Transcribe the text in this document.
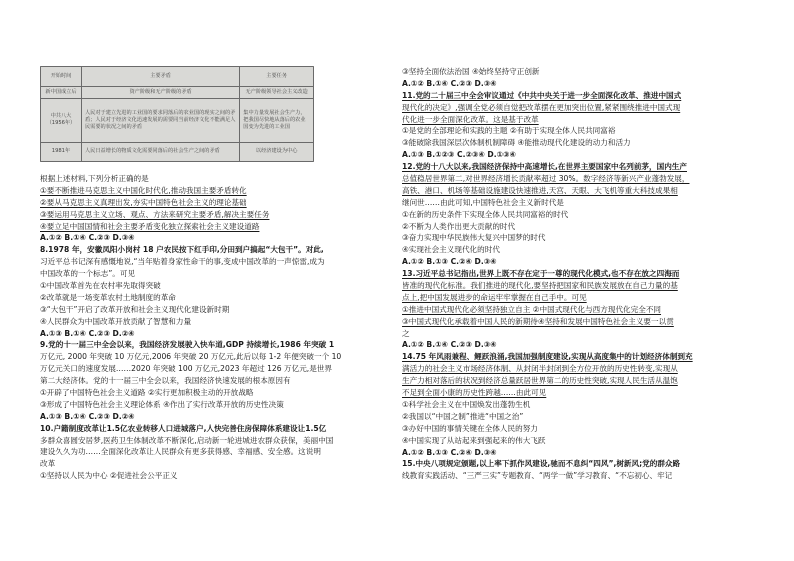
开始时间	主要矛盾	主要任务
新中国成立后	资产阶级和无产阶级的矛盾	无产阶级领导社会主义改造
中共八大
（1956年）	人民对于建立先进的工业国的要求同落后的农业国的现实之间的矛盾；人民对于经济文化迅速发展的需要同当前经济文化不能满足人民需要的状况之间的矛盾	集中力量发展社会生产力，把我国尽快地从落后的农业国变为先进的工业国
1981年	人民日益增长的物质文化需要同落后的社会生产之间的矛盾	以经济建设为中心
根据上述材料,下列分析正确的是
①要不断推进马克思主义中国化时代化,推动我国主要矛盾转化
②要从马克思主义真理出发,夯实中国特色社会主义的理论基础
③要运用马克思主义立场、观点、方法来研究主要矛盾,解决主要任务
④要立足中国国情和社会主要矛盾变化独立探索社会主义建设道路
A.①② B.①④ C.②③ D.③④
8.1978 年，安徽凤阳小岗村 18 户农民按下红手印,分田到户搞起“大包干”。对此,
习近平总书记深有感慨地说,“当年贴着身家性命干的事,变成中国改革的一声惊雷,成为
中国改革的一个标志”。可见
①中国改革首先在农村率先取得突破
②改革就是一场变革农村土地制度的革命
③“大包干”开启了改革开放和社会主义现代化建设新时期
④人民群众为中国改革开放贡献了智慧和力量
A.①③ B.①④ C.②③ D.②④
9.党的十一届三中全会以来，我国经济发展驶入快车道,GDP 持续增长,1986 年突破 1
万亿元, 2000 年突破 10 万亿元,2006 年突破 20 万亿元,此后以每 1-2 年便突破一个 10
万亿元关口的速度发展……2020 年突破 100 万亿元,2023 年超过 126 万亿元,是世界
第二大经济体。党的十一届三中全会以来，我国经济快速发展的根本原因有
①开辟了中国特色社会主义道路 ②实行更加积极主动的开放战略
③形成了中国特色社会主义理论体系 ④作出了实行改革开放的历史性决策
A.①③ B.①④ C.②③ D.②④
10.户籍制度改革让1.5亿农业转移人口进城落户,人快完善住房保障体系建设让1.5亿
多群众喜圆安居梦,医药卫生体制改革不断深化,启动新一轮进城进农群众获保，美丽中国
建设久久为功……全面深化改革让人民群众有更多获得感、幸福感、安全感。这说明
改革
①坚持以人民为中心 ②促进社会公平正义
③坚持全面依法治国 ④始终坚持守正创新
A.①② B.①④ C.②③ D.③④
11.党的二十届三中全会审议通过《中共中央关于进一步全面深化改革、推进中国式
现代化的决定》,强调全党必须自觉把改革摆在更加突出位置,紧紧围绕推进中国式现
代化进一步全面深化改革。这是基于改革
①是党的全部理论和实践的主题 ②有助于实现全体人民共同富裕
③能破除我国深层次体制机制障碍 ④能推动现代化建设的动力和活力
A.①③ B.①②③ C.②③④ D.①③④
12.党的十八大以来,我国经济保持中高速增长,在世界主要国家中名列前茅，国内生产
总值稳居世界第二,对世界经济增长贡献率超过 30%。数字经济等新兴产业蓬勃发展，
高铁、港口、机场等基础设施建设快速推进,天宫、天眼、大飞机等重大科技成果相
继问世……由此可知,中国特色社会主义新时代是
①在新的历史条件下实现全体人民共同富裕的时代
②不断为人类作出更大贡献的时代
③奋力实现中华民族伟大复兴中国梦的时代
④实现社会主义现代化的时代
A.①② B.①③ C.②④ D.③④
13.习近平总书记指出,世界上既不存在定于一尊的现代化模式,也不存在放之四海而
皆准的现代化标准。我们推进的现代化,要坚持把国家和民族发展放在自己力量的基
点上,把中国发展进步的命运牢牢掌握在自己手中。可见
①推进中国式现代化必须坚持独立自主 ②中国式现代化与西方现代化完全不同
③中国式现代化承载着中国人民的新期待④坚持和发展中国特色社会主义要一以贯
之
A.①② B.①④ C.②③ D.③④
14.75 年风雨兼程、鲤跃浪涌,我国加强制度建设,实现从高度集中的计划经济体制到充
满活力的社会主义市场经济体制、从封闭半封闭到全方位开放的历史性转变,实现从
生产力相对落后的状况到经济总量跃居世界第二的历史性突破,实现人民生活从温饱
不足到全面小康的历史性跨越……由此可见
①科学社会主义在中国焕发出蓬勃生机
②我国以“中国之制”推进“中国之治”
③办好中国的事情关键在全体人民的努力
④中国实现了从站起来到强起来的伟大飞跃
A.①② B.①③ C.②④ D.③④
15.中央八项规定颁题,以上率下抓作风建设,驰而不息纠“四风”,树新风;党的群众路
线教育实践活动、“三严三实”专题教育、“两学一做”学习教育、“不忘初心、牢记
